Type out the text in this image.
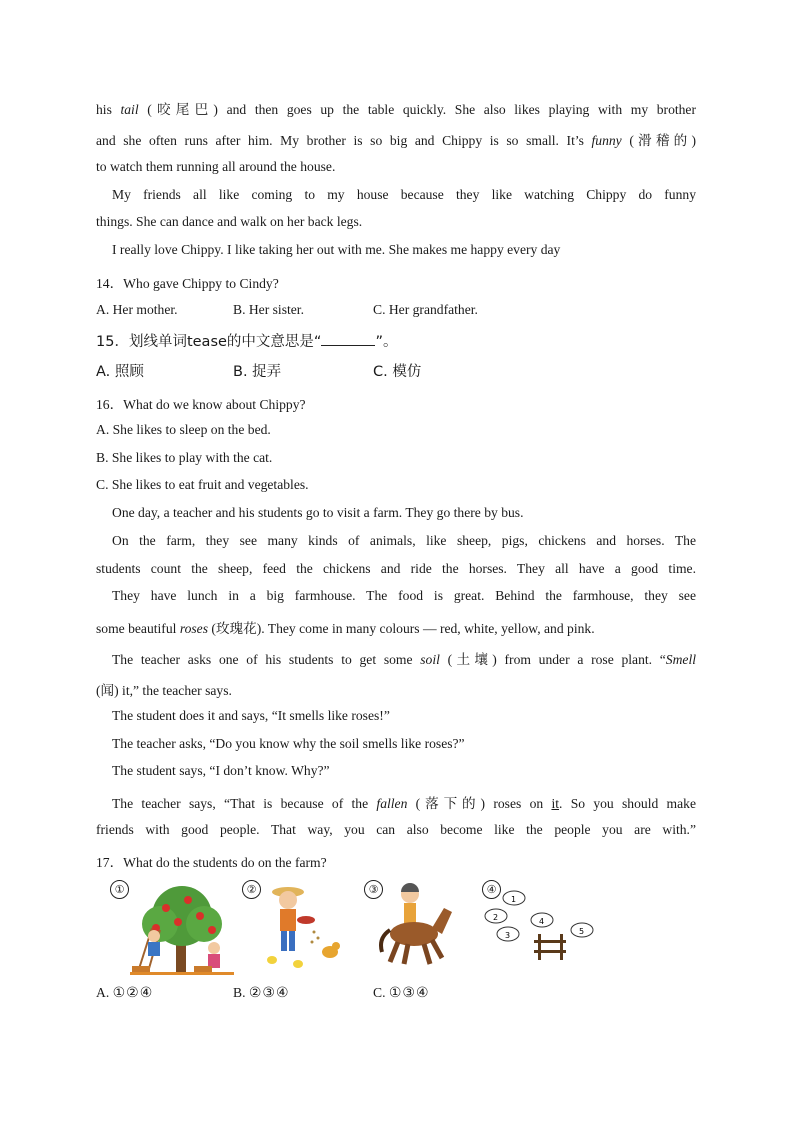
his tail (咬尾巴) and then goes up the table quickly. She also likes playing with my brother
and she often runs after him. My brother is so big and Chippy is so small. It’s funny (滑稽的)
to watch them running all around the house.
My friends all like coming to my house because they like watching Chippy do funny
things. She can dance and walk on her back legs.
I really love Chippy. I like taking her out with me. She makes me happy every day
14．Who gave Chippy to Cindy?
A. Her mother.	B. Her sister.	C. Her grandfather.
15．划线单词tease的中文意思是“	”。
A. 照顾	B. 捉弄	C. 模仿
16．What do we know about Chippy?
A. She likes to sleep on the bed.
B. She likes to play with the cat.
C. She likes to eat fruit and vegetables.
One day, a teacher and his students go to visit a farm. They go there by bus.
On the farm, they see many kinds of animals, like sheep, pigs, chickens and horses. The
students count the sheep, feed the chickens and ride the horses. They all have a good time.
They have lunch in a big farmhouse. The food is great. Behind the farmhouse, they see
some beautiful roses (玫瑰花). They come in many colours — red, white, yellow, and pink.
The teacher asks one of his students to get some soil (土壤) from under a rose plant. “Smell
(闻) it,” the teacher says.
The student does it and says, “It smells like roses!”
The teacher asks, “Do you know why the soil smells like roses?”
The student says, “I don’t know. Why?”
The teacher says, “That is because of the fallen (落下的) roses on it. So you should make
friends with good people. That way, you can also become like the people you are with.”
17．What do the students do on the farm?
①	②	③	④
1
2
3
4
5
A. ①②④	B. ②③④	C. ①③④
